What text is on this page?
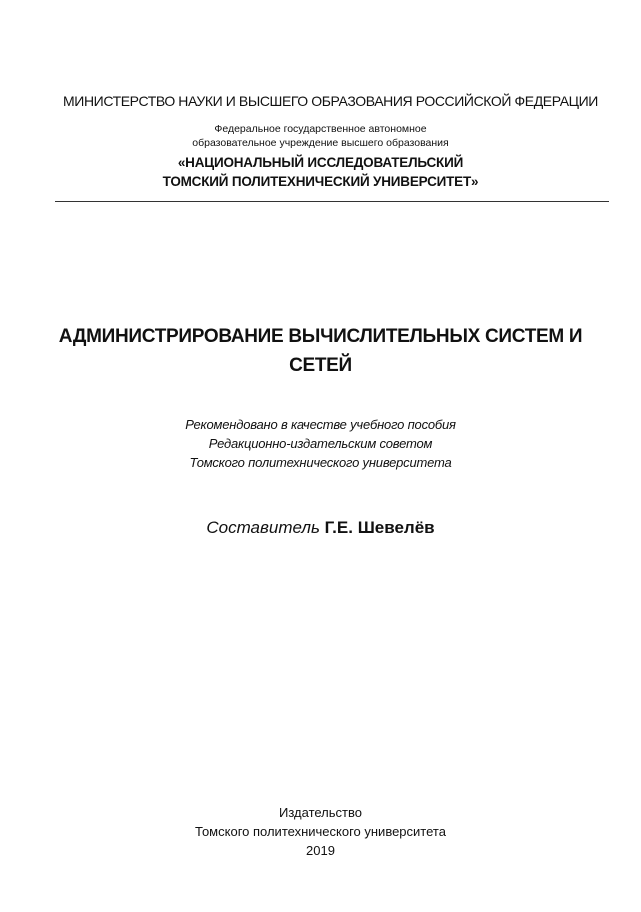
МИНИСТЕРСТВО НАУКИ И ВЫСШЕГО ОБРАЗОВАНИЯ РОССИЙСКОЙ ФЕДЕРАЦИИ
Федеральное государственное автономное
образовательное учреждение высшего образования
«НАЦИОНАЛЬНЫЙ ИССЛЕДОВАТЕЛЬСКИЙ
ТОМСКИЙ ПОЛИТЕХНИЧЕСКИЙ УНИВЕРСИТЕТ»
АДМИНИСТРИРОВАНИЕ ВЫЧИСЛИТЕЛЬНЫХ СИСТЕМ И
СЕТЕЙ
Рекомендовано в качестве учебного пособия
Редакционно-издательским советом
Томского политехнического университета
Составитель Г.Е. Шевелёв
Издательство
Томского политехнического университета
2019
